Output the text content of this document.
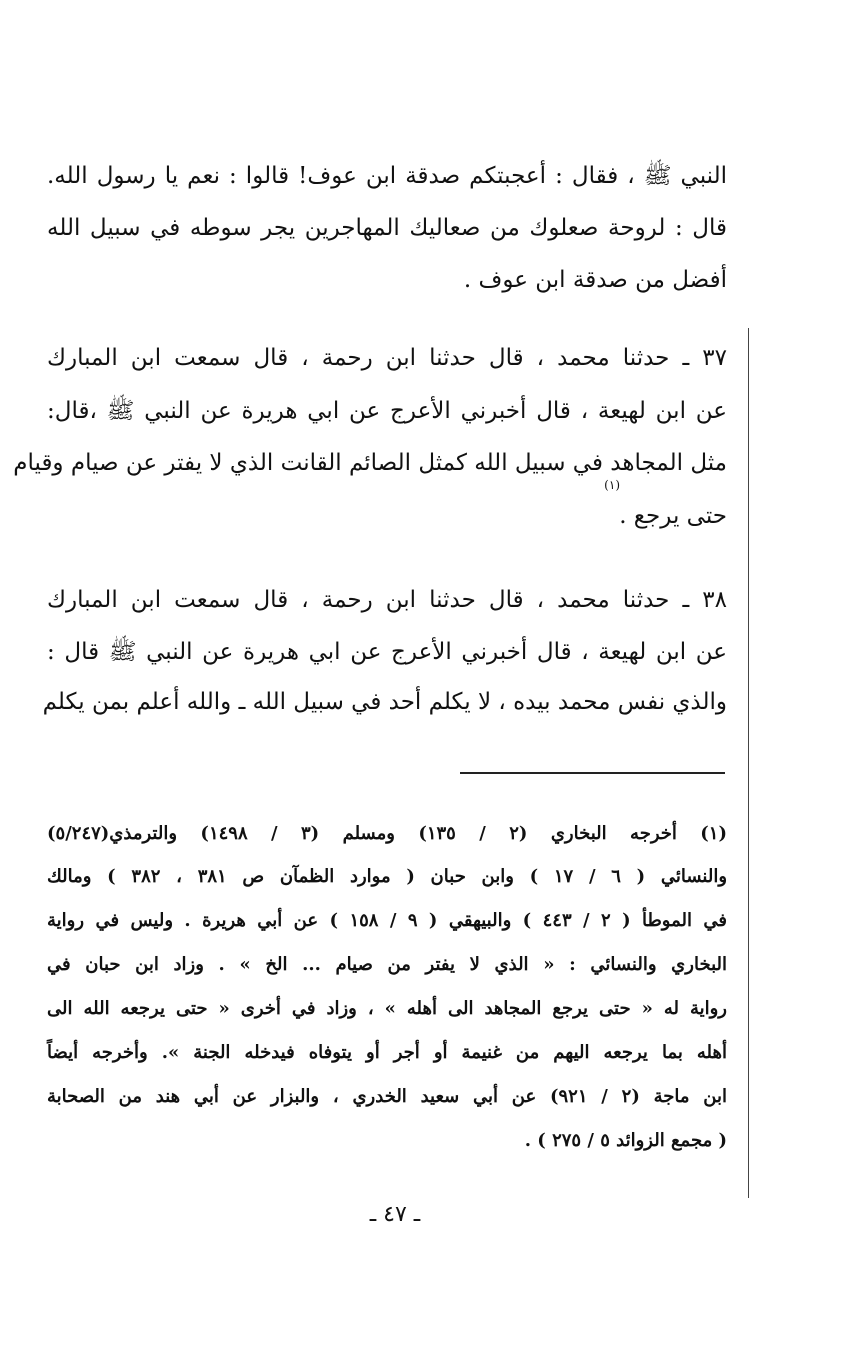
النبي ﷺ ، فقال : أعجبتكم صدقة ابن عوف! قالوا : نعم يا رسول الله.
قال : لروحة صعلوك من صعاليك المهاجرين يجر سوطه في سبيل الله
أفضل من صدقة ابن عوف .
٣٧ ـ حدثنا محمد ، قال حدثنا ابن رحمة ، قال سمعت ابن المبارك
عن ابن لهيعة ، قال أخبرني الأعرج عن ابي هريرة عن النبي ﷺ ،قال:
مثل المجاهد في سبيل الله كمثل الصائم القانت الذي لا يفتر عن صيام وقيام
حتى يرجع .
(١)
٣٨ ـ حدثنا محمد ، قال حدثنا ابن رحمة ، قال سمعت ابن المبارك
عن ابن لهيعة ، قال أخبرني الأعرج عن ابي هريرة عن النبي ﷺ قال :
والذي نفس محمد بيده ، لا يكلم أحد في سبيل الله ـ والله أعلم بمن يكلم
(١) أخرجه البخاري (٢ / ١٣٥) ومسلم (٣ / ١٤٩٨) والترمذي(٥/٢٤٧)
والنسائي ( ٦ / ١٧ ) وابن حبان ( موارد الظمآن ص ٣٨١ ، ٣٨٢ ) ومالك
في الموطأ ( ٢ / ٤٤٣ ) والبيهقي ( ٩ / ١٥٨ ) عن أبي هريرة . وليس في رواية
البخاري والنسائي : « الذي لا يفتر من صيام ... الخ » . وزاد ابن حبان في
رواية له « حتى يرجع المجاهد الى أهله » ، وزاد في أخرى « حتى يرجعه الله الى
أهله بما يرجعه اليهم من غنيمة أو أجر أو يتوفاه فيدخله الجنة ». وأخرجه أيضاً
ابن ماجة (٢ / ٩٢١) عن أبي سعيد الخدري ، والبزار عن أبي هند من الصحابة
( مجمع الزوائد ٥ / ٢٧٥ ) .
ـ ٤٧ ـ
